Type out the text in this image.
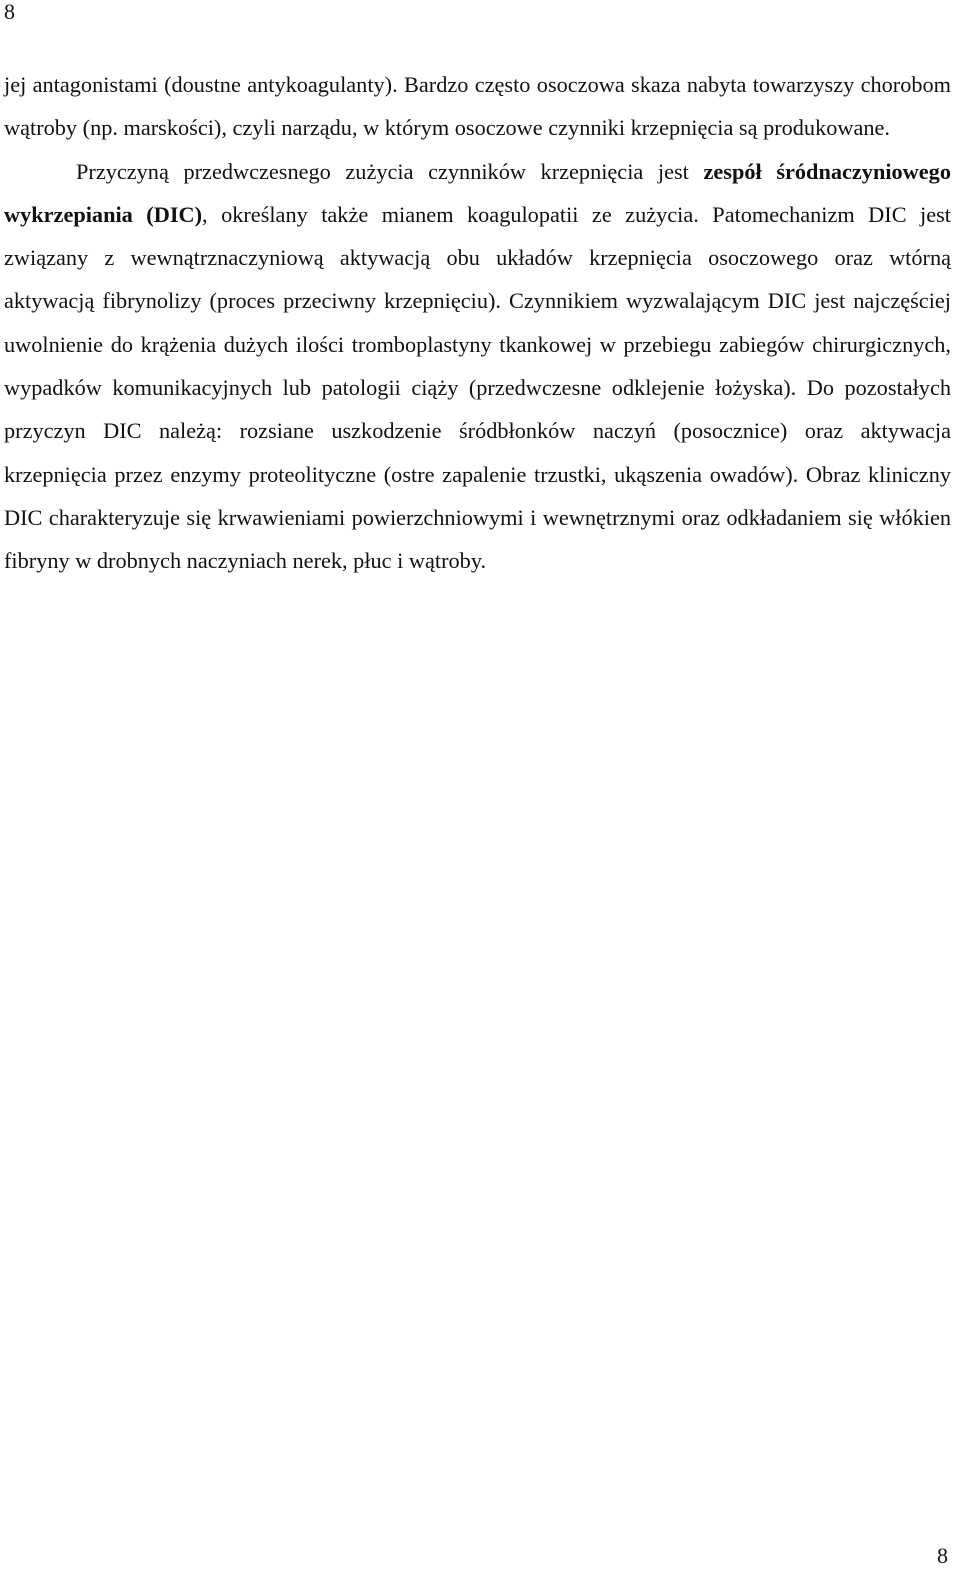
8

jej antagonistami (doustne antykoagulanty). Bardzo często osoczowa skaza nabyta towarzyszy chorobom wątroby (np. marskości), czyli narządu, w którym osoczowe czynniki krzepnięcia są produkowane.

Przyczyną przedwczesnego zużycia czynników krzepnięcia jest zespół śródnaczyniowego wykrzepiania (DIC), określany także mianem koagulopatii ze zużycia. Patomechanizm DIC jest związany z wewnątrznaczyniową aktywacją obu układów krzepnięcia osoczowego oraz wtórną aktywacją fibrynolizy (proces przeciwny krzepnięciu). Czynnikiem wyzwalającym DIC jest najczęściej uwolnienie do krążenia dużych ilości tromboplastyny tkankowej w przebiegu zabiegów chirurgicznych, wypadków komunikacyjnych lub patologii ciąży (przedwczesne odklejenie łożyska). Do pozostałych przyczyn DIC należą: rozsiane uszkodzenie śródbłonków naczyń (posocznice) oraz aktywacja krzepnięcia przez enzymy proteolityczne (ostre zapalenie trzustki, ukąszenia owadów). Obraz kliniczny DIC charakteryzuje się krwawieniami powierzchniowymi i wewnętrznymi oraz odkładaniem się włókien fibryny w drobnych naczyniach nerek, płuc i wątroby.

8
